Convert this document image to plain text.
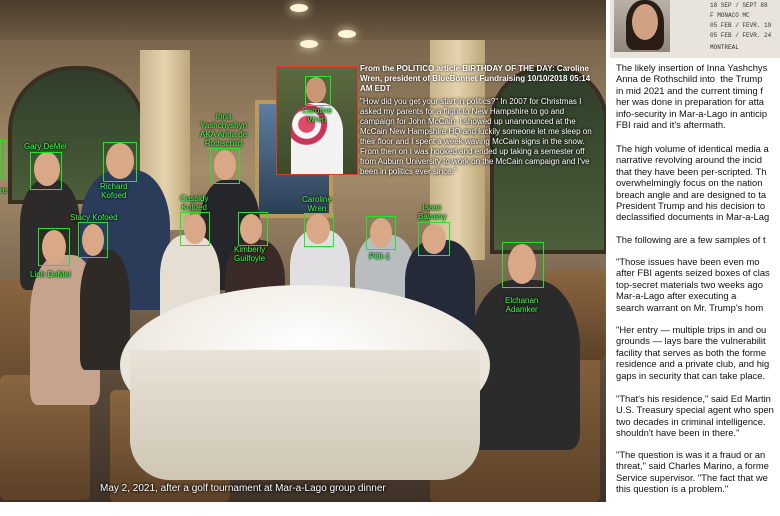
re
Gary DeMel
Richard
Kofoed
Inna
Yashchyshyn
AKA Anna de
Rothschild
Stacy Kofoed
Linh DeMel
Cassidy
Kofoed
Kimberly
Guilfoyle
Caroline
Wren
POI-1
Isaac
Bawany
Elchanan
Adamker
Caroline
Wren
From the POLITICO article BIRTHDAY OF THE DAY: Caroline Wren, president of BlueBonnet Fundraising 10/10/2018 05:14 AM EDT
"How did you get your start in politics?" In 2007 for Christmas I asked my parents for a flight to New Hampshire to go and campaign for John McCain. I showed up unannounced at the McCain New Hampshire HQ and luckily someone let me sleep on their floor and I spent a week waving McCain signs in the snow. From then on I was hooked and ended up taking a semester off from Auburn University to work on the McCain campaign and I've been in politics ever since."
May 2, 2021, after a golf tournament at Mar-a-Lago group dinner
18 SEP / SEPT 88
F MONACO MC
05 FEB / FEVR. 19
05 FEB / FEVR. 24
MONTREAL
The likely insertion of Inna Yashchys
Anna de Rothschild into  the Trump
in mid 2021 and the current timing f
her was done in preparation for atta
info-security in Mar-a-Lago in anticip
FBI raid and it's aftermath.
The high volume of identical media a
narrative revolving around the incid
that they have been per-scripted. Th
overwhelmingly focus on the nation
breach angle and are designed to ta
President Trump and his decision to
declassified documents in Mar-a-Lag
The following are a few samples of t
"Those issues have been even mo
after FBI agents seized boxes of clas
top-secret materials two weeks ago
Mar-a-Lago after executing a
search warrant on Mr. Trump's hom
"Her entry — multiple trips in and ou
grounds — lays bare the vulnerabilit
facility that serves as both the forme
residence and a private club, and hig
gaps in security that can take place.
"That's his residence," said Ed Martin
U.S. Treasury special agent who spen
two decades in criminal intelligence.
shouldn't have been in there."
"The question is was it a fraud or an
threat," said Charles Marino, a forme
Service supervisor. "The fact that we
this question is a problem."
